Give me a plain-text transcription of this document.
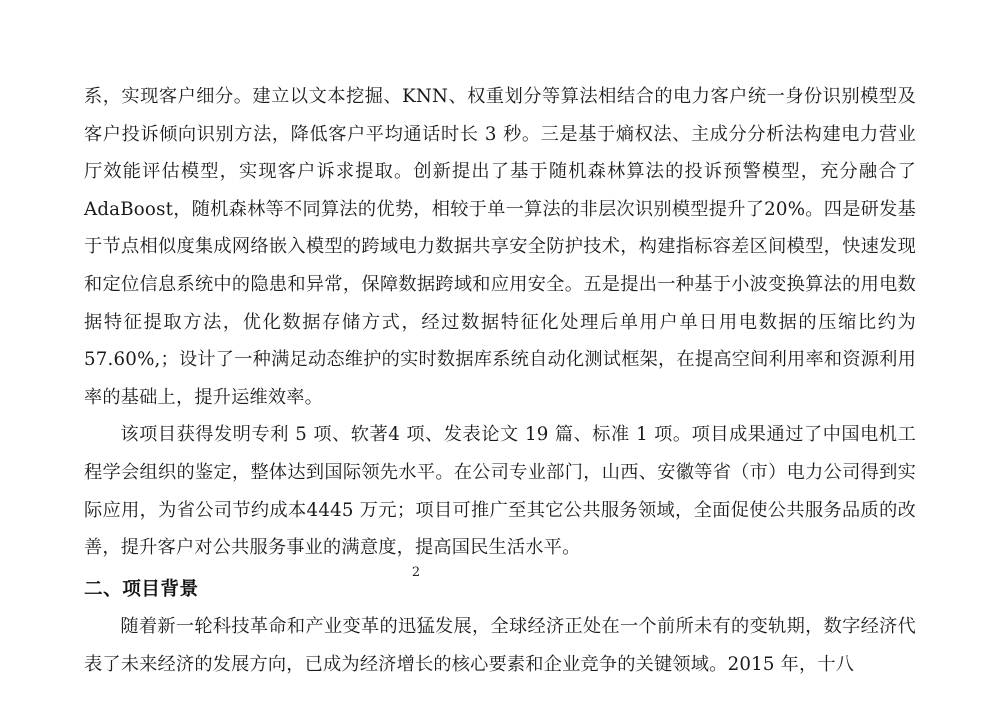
系，实现客户细分。建立以文本挖掘、KNN、权重划分等算法相结合的电力客户统一身份识别模型及客户投诉倾向识别方法，降低客户平均通话时长 3 秒。三是基于熵权法、主成分分析法构建电力营业厅效能评估模型，实现客户诉求提取。创新提出了基于随机森林算法的投诉预警模型，充分融合了AdaBoost，随机森林等不同算法的优势，相较于单一算法的非层次识别模型提升了20%。四是研发基于节点相似度集成网络嵌入模型的跨域电力数据共享安全防护技术，构建指标容差区间模型，快速发现和定位信息系统中的隐患和异常，保障数据跨域和应用安全。五是提出一种基于小波变换算法的用电数据特征提取方法，优化数据存储方式，经过数据特征化处理后单用户单日用电数据的压缩比约为 57.60%,；设计了一种满足动态维护的实时数据库系统自动化测试框架，在提高空间利用率和资源利用率的基础上，提升运维效率。

该项目获得发明专利 5 项、软著4 项、发表论文 19 篇、标准 1 项。项目成果通过了中国电机工程学会组织的鉴定，整体达到国际领先水平。在公司专业部门，山西、安徽等省（市）电力公司得到实际应用，为省公司节约成本4445 万元；项目可推广至其它公共服务领域，全面促使公共服务品质的改善，提升客户对公共服务事业的满意度，提高国民生活水平。

二、项目背景

随着新一轮科技革命和产业变革的迅猛发展，全球经济正处在一个前所未有的变轨期，数字经济代表了未来经济的发展方向，已成为经济增长的核心要素和企业竞争的关键领域。2015 年，十八

2
